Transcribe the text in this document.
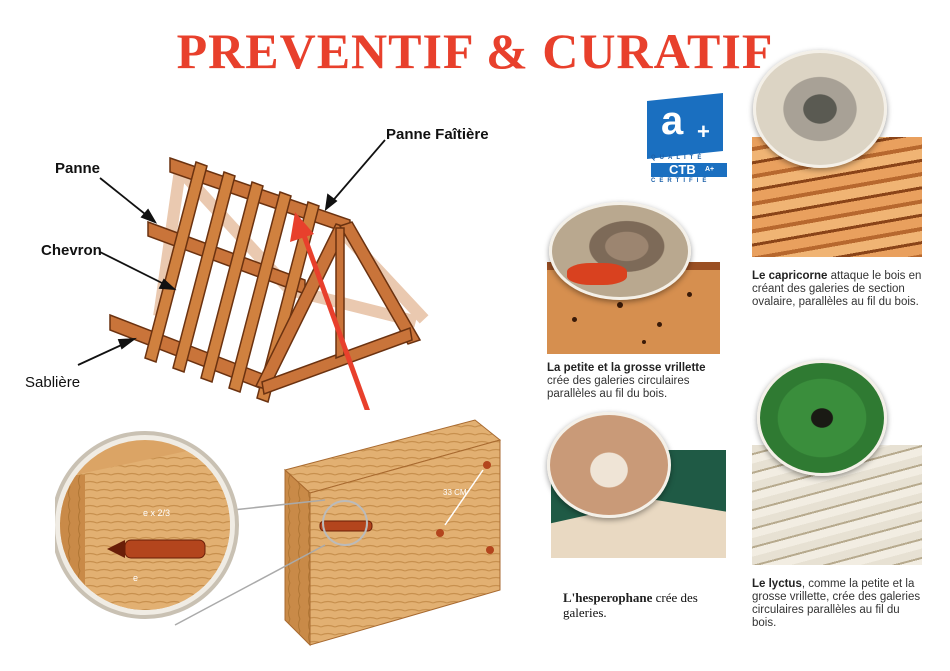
PREVENTIF & CURATIF
Panne
Chevron
Sablière
Panne Faîtière
33 CM
e x 2/3
e
a +
QUALITÉ
CTB A+
CERTIFIÉ
La petite et la grosse vrillette crée des galeries circulaires parallèles au fil du bois.
Le capricorne attaque le bois en créant des galeries de section ovalaire, parallèles au fil du bois.
L'hesperophane crée des galeries.
Le lyctus, comme la petite et la grosse vrillette, crée des galeries circulaires parallèles au fil du bois.
